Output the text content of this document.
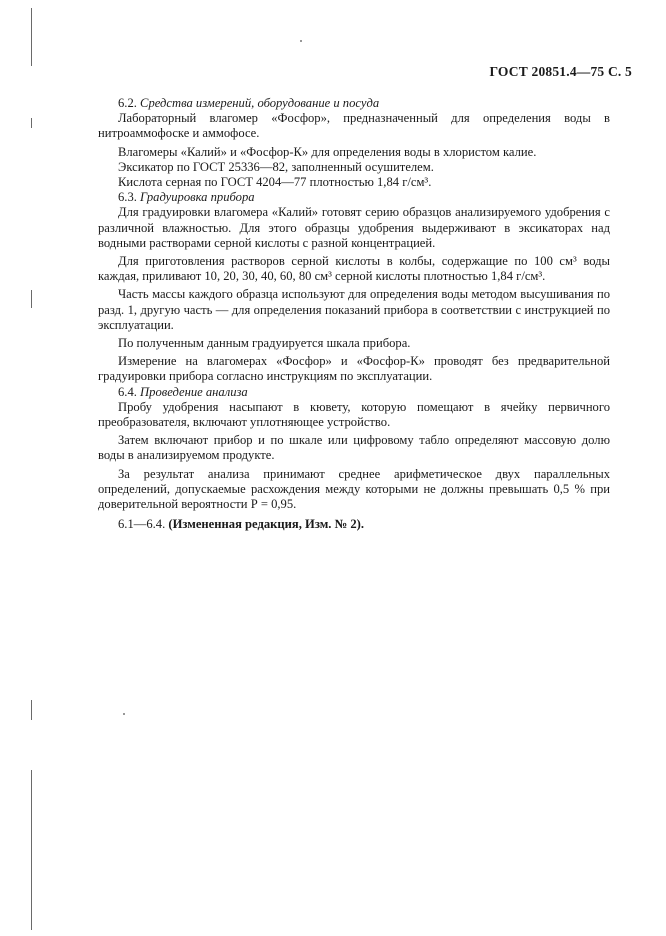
ГОСТ 20851.4—75 С. 5

6.2. Средства измерений, оборудование и посуда

Лабораторный влагомер «Фосфор», предназначенный для определения воды в нитроаммофоске и аммофосе.

Влагомеры «Калий» и «Фосфор-К» для определения воды в хлористом калие.

Эксикатор по ГОСТ 25336—82, заполненный осушителем.

Кислота серная по ГОСТ 4204—77 плотностью 1,84 г/см³.

6.3. Градуировка прибора

Для градуировки влагомера «Калий» готовят серию образцов анализируемого удобрения с различной влажностью. Для этого образцы удобрения выдерживают в эксикаторах над водными растворами серной кислоты с разной концентрацией.

Для приготовления растворов серной кислоты в колбы, содержащие по 100 см³ воды каждая, приливают 10, 20, 30, 40, 60, 80 см³ серной кислоты плотностью 1,84 г/см³.

Часть массы каждого образца используют для определения воды методом высушивания по разд. 1, другую часть — для определения показаний прибора в соответствии с инструкцией по эксплуатации.

По полученным данным градуируется шкала прибора.

Измерение на влагомерах «Фосфор» и «Фосфор-К» проводят без предварительной градуировки прибора согласно инструкциям по эксплуатации.

6.4. Проведение анализа

Пробу удобрения насыпают в кювету, которую помещают в ячейку первичного преобразователя, включают уплотняющее устройство.

Затем включают прибор и по шкале или цифровому табло определяют массовую долю воды в анализируемом продукте.

За результат анализа принимают среднее арифметическое двух параллельных определений, допускаемые расхождения между которыми не должны превышать 0,5 % при доверительной вероятности Р = 0,95.

6.1—6.4. (Измененная редакция, Изм. № 2).
